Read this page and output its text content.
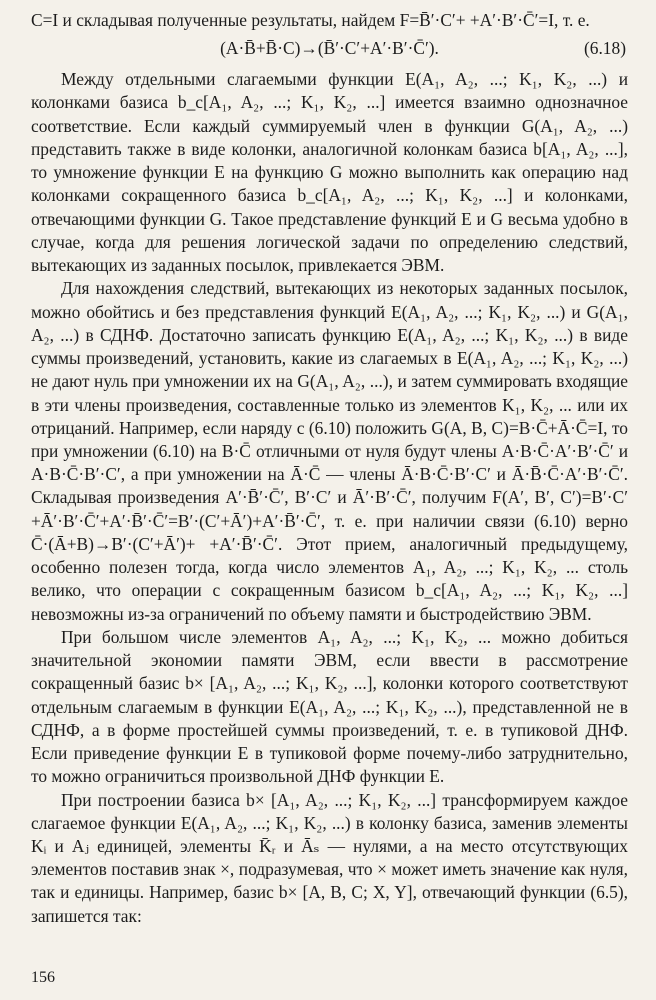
C=I и складывая полученные результаты, найдем F=B̄′·C′+ +A′·B′·C̄′=I, т. е.

(A·B̄+B̄·C)→(B̄′·C′+A′·B′·C̄′).	(6.18)

Между отдельными слагаемыми функции E(A₁, A₂, ...; K₁, K₂, ...) и колонками базиса b_c[A₁, A₂, ...; K₁, K₂, ...] имеется взаимно однозначное соответствие. Если каждый суммируемый член в функции G(A₁, A₂, ...) представить также в виде колонки, аналогичной колонкам базиса b[A₁, A₂, ...], то умножение функции E на функцию G можно выполнить как операцию над колонками сокращенного базиса b_c[A₁, A₂, ...; K₁, K₂, ...] и колонками, отвечающими функции G. Такое представление функций E и G весьма удобно в случае, когда для решения логической задачи по определению следствий, вытекающих из заданных посылок, привлекается ЭВМ.

Для нахождения следствий, вытекающих из некоторых заданных посылок, можно обойтись и без представления функций E(A₁, A₂, ...; K₁, K₂, ...) и G(A₁, A₂, ...) в СДНФ. Достаточно записать функцию E(A₁, A₂, ...; K₁, K₂, ...) в виде суммы произведений, установить, какие из слагаемых в E(A₁, A₂, ...; K₁, K₂, ...) не дают нуль при умножении их на G(A₁, A₂, ...), и затем суммировать входящие в эти члены произведения, составленные только из элементов K₁, K₂, ... или их отрицаний. Например, если наряду с (6.10) положить G(A, B, C)=B·C̄+Ā·C̄=I, то при умножении (6.10) на B·C̄ отличными от нуля будут члены A·B·C̄·A′·B′·C̄′ и A·B·C̄·B′·C′, а при умножении на Ā·C̄ — члены Ā·B·C̄·B′·C′ и Ā·B̄·C̄·A′·B′·C̄′. Складывая произведения A′·B̄′·C̄′, B′·C′ и Ā′·B′·C̄′, получим F(A′, B′, C′)=B′·C′+Ā′·B′·C̄′+A′·B̄′·C̄′=B′·(C′+Ā′)+A′·B̄′·C̄′, т. е. при наличии связи (6.10) верно C̄·(Ā+B)→B′·(C′+Ā′)+ +A′·B̄′·C̄′. Этот прием, аналогичный предыдущему, особенно полезен тогда, когда число элементов A₁, A₂, ...; K₁, K₂, ... столь велико, что операции с сокращенным базисом b_c[A₁, A₂, ...; K₁, K₂, ...] невозможны из-за ограничений по объему памяти и быстродействию ЭВМ.

При большом числе элементов A₁, A₂, ...; K₁, K₂, ... можно добиться значительной экономии памяти ЭВМ, если ввести в рассмотрение сокращенный базис b× [A₁, A₂, ...; K₁, K₂, ...], колонки которого соответствуют отдельным слагаемым в функции E(A₁, A₂, ...; K₁, K₂, ...), представленной не в СДНФ, а в форме простейшей суммы произведений, т. е. в тупиковой ДНФ. Если приведение функции E в тупиковой форме почему-либо затруднительно, то можно ограничиться произвольной ДНФ функции E.

При построении базиса b× [A₁, A₂, ...; K₁, K₂, ...] трансформируем каждое слагаемое функции E(A₁, A₂, ...; K₁, K₂, ...) в колонку базиса, заменив элементы Kᵢ и Aⱼ единицей, элементы K̄ᵣ и Āₛ — нулями, а на место отсутствующих элементов поставив знак ×, подразумевая, что × может иметь значение как нуля, так и единицы. Например, базис b× [A, B, C; X, Y], отвечающий функции (6.5), запишется так:

156
